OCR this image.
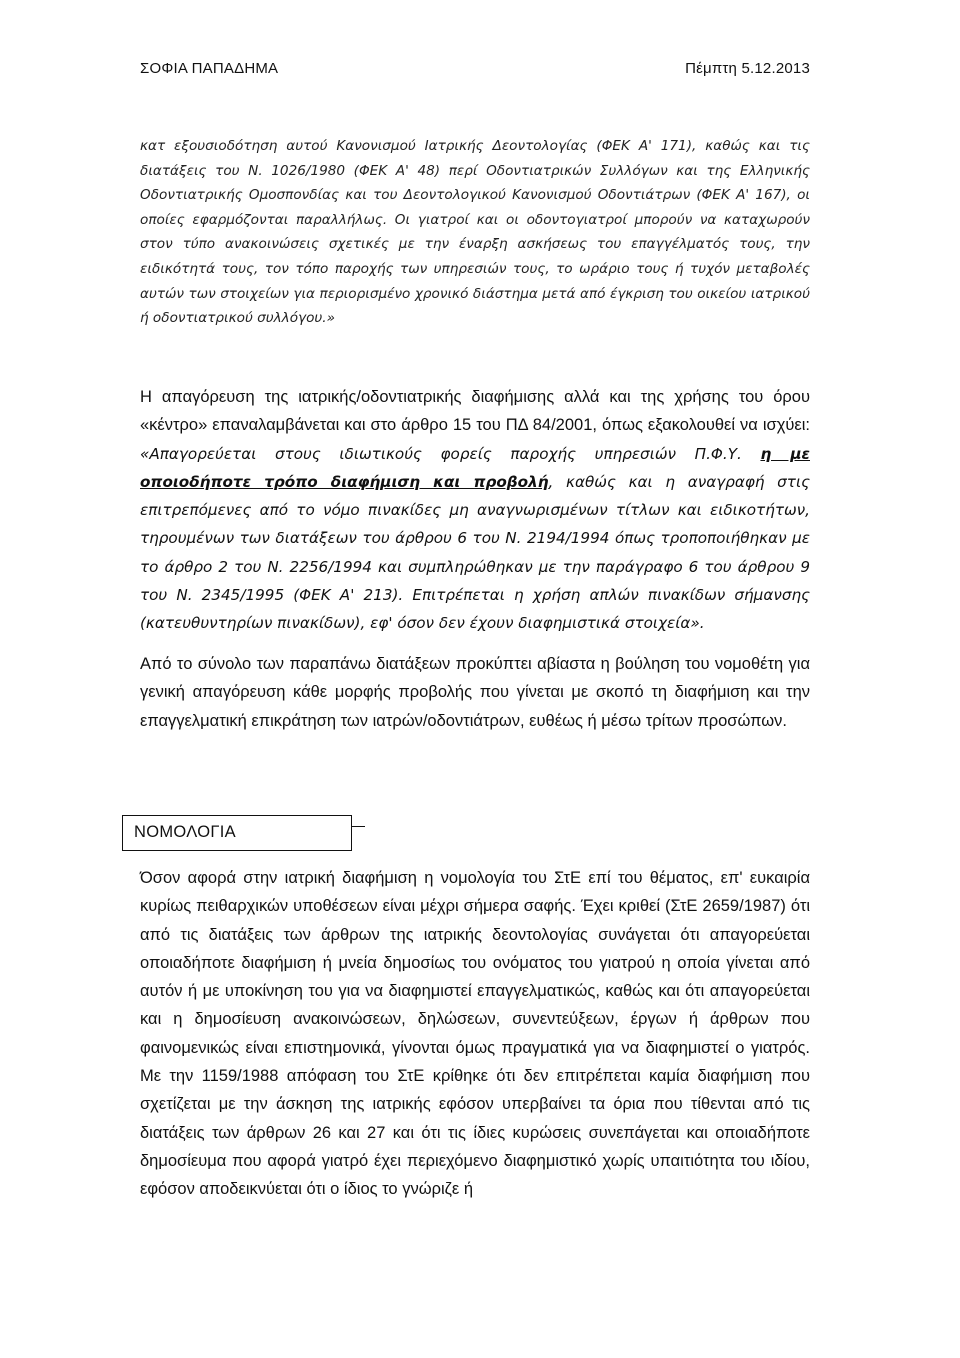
ΣΟΦΙΑ ΠΑΠΑΔΗΜΑ	Πέμπτη 5.12.2013
κατ εξουσιοδότηση αυτού Κανονισμού Ιατρικής Δεοντολογίας (ΦΕΚ Α' 171), καθώς και τις διατάξεις του Ν. 1026/1980 (ΦΕΚ Α' 48) περί Οδοντιατρικών Συλλόγων και της Ελληνικής Οδοντιατρικής Ομοσπονδίας και του Δεοντολογικού Κανονισμού Οδοντιάτρων (ΦΕΚ Α' 167), οι οποίες εφαρμόζονται παραλλήλως. Οι γιατροί και οι οδοντογιατροί μπορούν να καταχωρούν στον τύπο ανακοινώσεις σχετικές με την έναρξη ασκήσεως του επαγγέλματός τους, την ειδικότητά τους, τον τόπο παροχής των υπηρεσιών τους, το ωράριο τους ή τυχόν μεταβολές αυτών των στοιχείων για περιορισμένο χρονικό διάστημα μετά από έγκριση του οικείου ιατρικού ή οδοντιατρικού συλλόγου.»
Η απαγόρευση της ιατρικής/οδοντιατρικής διαφήμισης αλλά και της χρήσης του όρου «κέντρο» επαναλαμβάνεται και στο άρθρο 15 του ΠΔ 84/2001, όπως εξακολουθεί να ισχύει: «Απαγορεύεται στους ιδιωτικούς φορείς παροχής υπηρεσιών Π.Φ.Υ. η με οποιοδήποτε τρόπο διαφήμιση και προβολή, καθώς και η αναγραφή στις επιτρεπόμενες από το νόμο πινακίδες μη αναγνωρισμένων τίτλων και ειδικοτήτων, τηρουμένων των διατάξεων του άρθρου 6 του Ν. 2194/1994 όπως τροποποιήθηκαν με το άρθρο 2 του Ν. 2256/1994 και συμπληρώθηκαν με την παράγραφο 6 του άρθρου 9 του Ν. 2345/1995 (ΦΕΚ Α' 213). Επιτρέπεται η χρήση απλών πινακίδων σήμανσης (κατευθυντηρίων πινακίδων), εφ' όσον δεν έχουν διαφημιστικά στοιχεία».
Από το σύνολο των παραπάνω διατάξεων προκύπτει αβίαστα η βούληση του νομοθέτη για γενική απαγόρευση κάθε μορφής προβολής που γίνεται με σκοπό τη διαφήμιση και την επαγγελματική επικράτηση των ιατρών/οδοντιάτρων, ευθέως ή μέσω τρίτων προσώπων.
ΝΟΜΟΛΟΓΙΑ
Όσον αφορά στην ιατρική διαφήμιση η νομολογία του ΣτΕ επί του θέματος, επ' ευκαιρία κυρίως πειθαρχικών υποθέσεων είναι μέχρι σήμερα σαφής. Έχει κριθεί (ΣτΕ 2659/1987) ότι από τις διατάξεις των άρθρων της ιατρικής δεοντολογίας συνάγεται ότι απαγορεύεται οποιαδήποτε διαφήμιση ή μνεία δημοσίως του ονόματος του γιατρού η οποία γίνεται από αυτόν ή με υποκίνηση του για να διαφημιστεί επαγγελματικώς, καθώς και ότι απαγορεύεται και η δημοσίευση ανακοινώσεων, δηλώσεων, συνεντεύξεων, έργων ή άρθρων που φαινομενικώς είναι επιστημονικά, γίνονται όμως πραγματικά για να διαφημιστεί ο γιατρός. Με την 1159/1988 απόφαση του ΣτΕ κρίθηκε ότι δεν επιτρέπεται καμία διαφήμιση που σχετίζεται με την άσκηση της ιατρικής εφόσον υπερβαίνει τα όρια που τίθενται από τις διατάξεις των άρθρων 26 και 27 και ότι τις ίδιες κυρώσεις συνεπάγεται και οποιαδήποτε δημοσίευμα που αφορά γιατρό έχει περιεχόμενο διαφημιστικό χωρίς υπαιτιότητα του ιδίου, εφόσον αποδεικνύεται ότι ο ίδιος το γνώριζε ή
